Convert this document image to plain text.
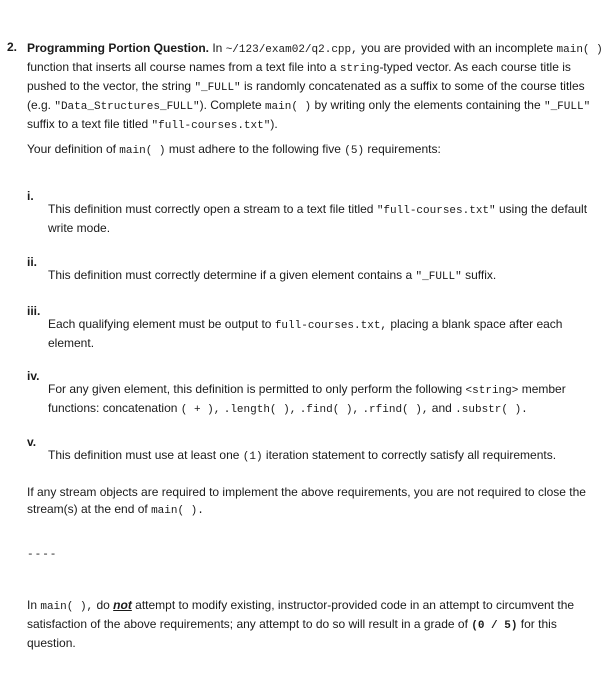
2. Programming Portion Question. In ~/123/exam02/q2.cpp, you are provided with an incomplete main( ) function that inserts all course names from a text file into a string-typed vector. As each course title is pushed to the vector, the string "_FULL" is randomly concatenated as a suffix to some of the course titles (e.g. "Data_Structures_FULL"). Complete main( ) by writing only the elements containing the "_FULL" suffix to a text file titled "full-courses.txt").

Your definition of main( ) must adhere to the following five (5) requirements:

i.

This definition must correctly open a stream to a text file titled "full-courses.txt" using the default write mode.

ii.

This definition must correctly determine if a given element contains a "_FULL" suffix.

iii.

Each qualifying element must be output to full-courses.txt, placing a blank space after each element.

iv.

For any given element, this definition is permitted to only perform the following <string> member functions: concatenation ( + ), .length( ), .find( ), .rfind( ), and .substr( ).

v.

This definition must use at least one (1) iteration statement to correctly satisfy all requirements.

If any stream objects are required to implement the above requirements, you are not required to close the stream(s) at the end of main( ).

----

In main( ), do not attempt to modify existing, instructor-provided code in an attempt to circumvent the satisfaction of the above requirements; any attempt to do so will result in a grade of (0 / 5) for this question.
